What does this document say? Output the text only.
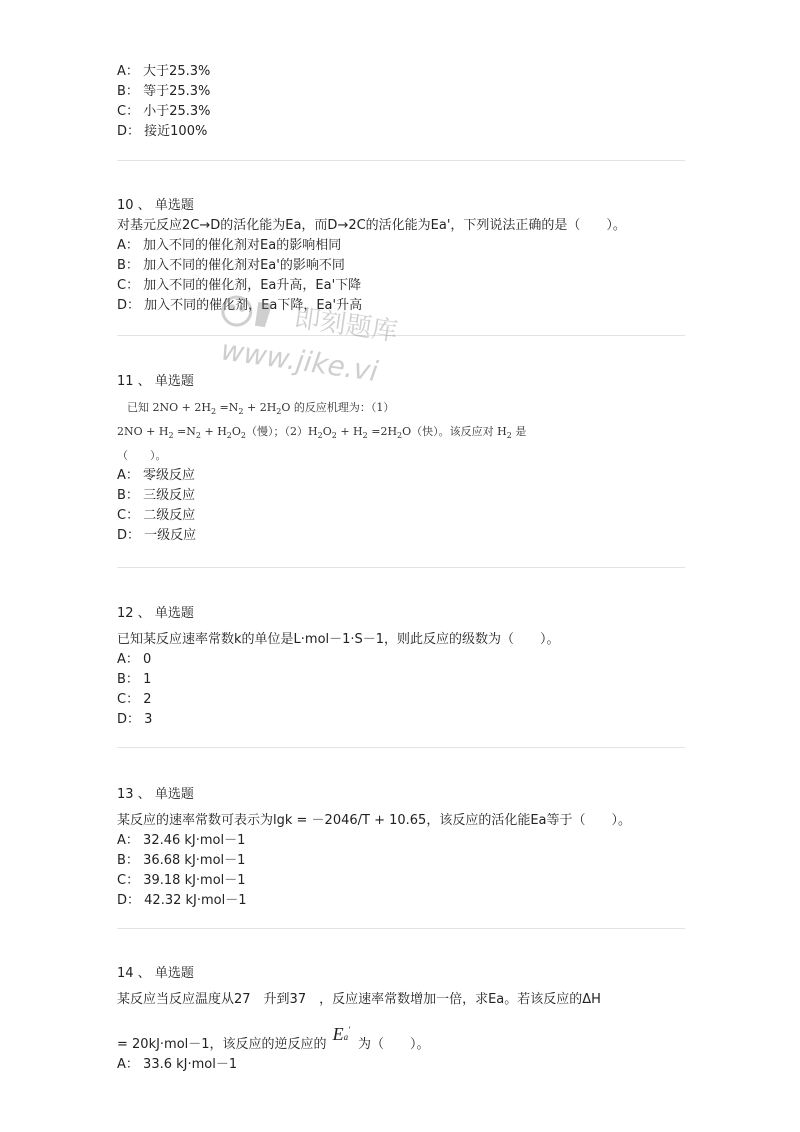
A： 大于25.3%
B： 等于25.3%
C： 小于25.3%
D： 接近100%
10 、 单选题
对基元反应2C→D的活化能为Ea，而D→2C的活化能为Ea'，下列说法正确的是（　　）。
A： 加入不同的催化剂对Ea的影响相同
B： 加入不同的催化剂对Ea'的影响不同
C： 加入不同的催化剂，Ea升高，Ea'下降
D： 加入不同的催化剂，Ea下降，Ea'升高
11 、 单选题
已知 $2NO + 2H_2 =N_2 + 2H_2O$ 的反应机理为：（1）
$2NO + H_2 =N_2 + H_2O_2$（慢）；$(2)H_2O_2 + H_2 =2H_2O$（快）。该反应对 $H_2$ 是
（　　）。
A： 零级反应
B： 三级反应
C： 二级反应
D： 一级反应
12 、 单选题
已知某反应速率常数k的单位是L·mol－1·S－1，则此反应的级数为（　　）。
A： 0
B： 1
C： 2
D： 3
13 、 单选题
某反应的速率常数可表示为lgk = －2046/T + 10.65，该反应的活化能Ea等于（　　）。
A： 32.46 kJ·mol－1
B： 36.68 kJ·mol－1
C： 39.18 kJ·mol－1
D： 42.32 kJ·mol－1
14 、 单选题
某反应当反应温度从27　升到37　，反应速率常数增加一倍，求Ea。若该反应的ΔH
= 20kJ·mol－1，该反应的逆反应的Ea'为（　　）。
A： 33.6 kJ·mol－1
即刻题库
www.jike.vi
